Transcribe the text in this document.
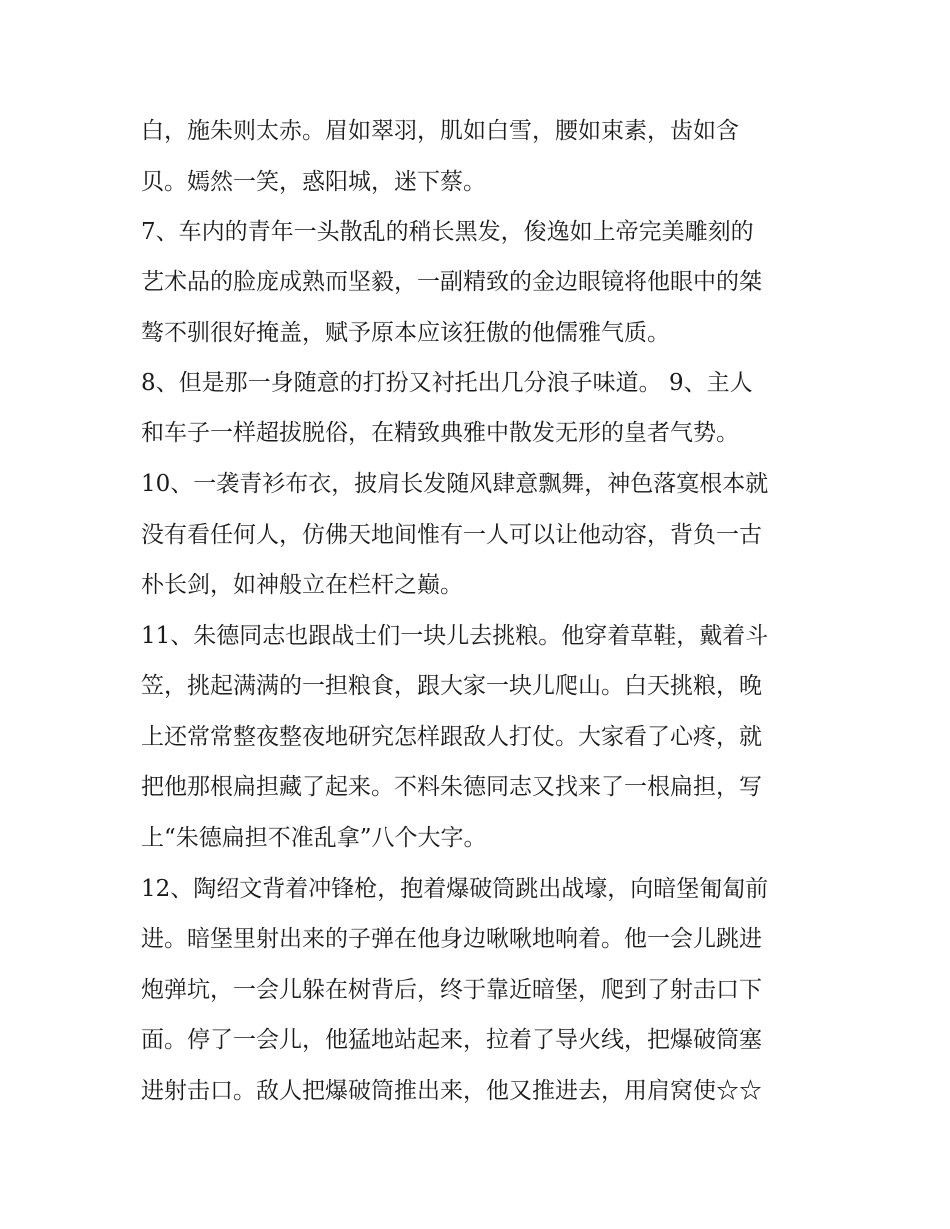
白，施朱则太赤。眉如翠羽，肌如白雪，腰如束素，齿如含
贝。嫣然一笑，惑阳城，迷下蔡。
7、车内的青年一头散乱的稍长黑发，俊逸如上帝完美雕刻的
艺术品的脸庞成熟而坚毅，一副精致的金边眼镜将他眼中的桀
骜不驯很好掩盖，赋予原本应该狂傲的他儒雅气质。
8、但是那一身随意的打扮又衬托出几分浪子味道。 9、主人
和车子一样超拔脱俗，在精致典雅中散发无形的皇者气势。
10、一袭青衫布衣，披肩长发随风肆意飘舞，神色落寞根本就
没有看任何人，仿佛天地间惟有一人可以让他动容，背负一古
朴长剑，如神般立在栏杆之巅。
11、朱德同志也跟战士们一块儿去挑粮。他穿着草鞋，戴着斗
笠，挑起满满的一担粮食，跟大家一块儿爬山。白天挑粮，晚
上还常常整夜整夜地研究怎样跟敌人打仗。大家看了心疼，就
把他那根扁担藏了起来。不料朱德同志又找来了一根扁担，写
上“朱德扁担不准乱拿”八个大字。
12、陶绍文背着冲锋枪，抱着爆破筒跳出战壕，向暗堡匍匐前
进。暗堡里射出来的子弹在他身边啾啾地响着。他一会儿跳进
炮弹坑，一会儿躲在树背后，终于靠近暗堡，爬到了射击口下
面。停了一会儿，他猛地站起来，拉着了导火线，把爆破筒塞
进射击口。敌人把爆破筒推出来，他又推进去，用肩窝使☆☆
